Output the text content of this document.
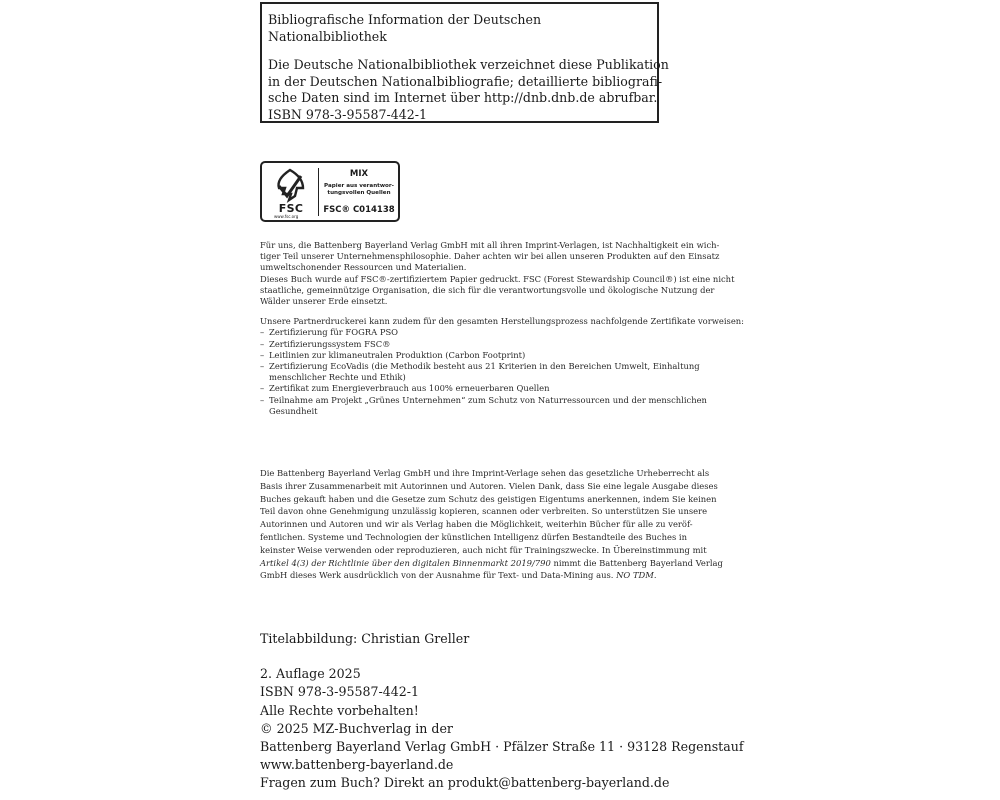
Bibliografische Information der Deutschen Nationalbibliothek
Die Deutsche Nationalbibliothek verzeichnet diese Publikation
in der Deutschen Nationalbibliografie; detaillierte bibliografi-
sche Daten sind im Internet über http://dnb.dnb.de abrufbar.
ISBN 978-3-95587-442-1
FSC
www.fsc.org
MIX
Papier aus verantwor-
tungsvollen Quellen
FSC® C014138
Für uns, die Battenberg Bayerland Verlag GmbH mit all ihren Imprint-Verlagen, ist Nachhaltigkeit ein wich-
tiger Teil unserer Unternehmensphilosophie. Daher achten wir bei allen unseren Produkten auf den Einsatz
umweltschonender Ressourcen und Materialien.
Dieses Buch wurde auf FSC®-zertifiziertem Papier gedruckt. FSC (Forest Stewardship Council®) ist eine nicht
staatliche, gemeinnützige Organisation, die sich für die verantwortungsvolle und ökologische Nutzung der
Wälder unserer Erde einsetzt.
Unsere Partnerdruckerei kann zudem für den gesamten Herstellungsprozess nachfolgende Zertifikate vorweisen:
– Zertifizierung für FOGRA PSO
– Zertifizierungssystem FSC®
– Leitlinien zur klimaneutralen Produktion (Carbon Footprint)
– Zertifizierung EcoVadis (die Methodik besteht aus 21 Kriterien in den Bereichen Umwelt, Einhaltung
menschlicher Rechte und Ethik)
– Zertifikat zum Energieverbrauch aus 100% erneuerbaren Quellen
– Teilnahme am Projekt „Grünes Unternehmen“ zum Schutz von Naturressourcen und der menschlichen
Gesundheit
Die Battenberg Bayerland Verlag GmbH und ihre Imprint-Verlage sehen das gesetzliche Urheberrecht als
Basis ihrer Zusammenarbeit mit Autorinnen und Autoren. Vielen Dank, dass Sie eine legale Ausgabe dieses
Buches gekauft haben und die Gesetze zum Schutz des geistigen Eigentums anerkennen, indem Sie keinen
Teil davon ohne Genehmigung unzulässig kopieren, scannen oder verbreiten. So unterstützen Sie unsere
Autorinnen und Autoren und wir als Verlag haben die Möglichkeit, weiterhin Bücher für alle zu veröf-
fentlichen. Systeme und Technologien der künstlichen Intelligenz dürfen Bestandteile des Buches in
keinster Weise verwenden oder reproduzieren, auch nicht für Trainingszwecke. In Übereinstimmung mit
Artikel 4(3) der Richtlinie über den digitalen Binnenmarkt 2019/790 nimmt die Battenberg Bayerland Verlag
GmbH dieses Werk ausdrücklich von der Ausnahme für Text- und Data-Mining aus. NO TDM.
Titelabbildung: Christian Greller
2. Auflage 2025
ISBN 978-3-95587-442-1
Alle Rechte vorbehalten!
© 2025 MZ-Buchverlag in der
Battenberg Bayerland Verlag GmbH · Pfälzer Straße 11 · 93128 Regenstauf
www.battenberg-bayerland.de
Fragen zum Buch? Direkt an produkt@battenberg-bayerland.de
